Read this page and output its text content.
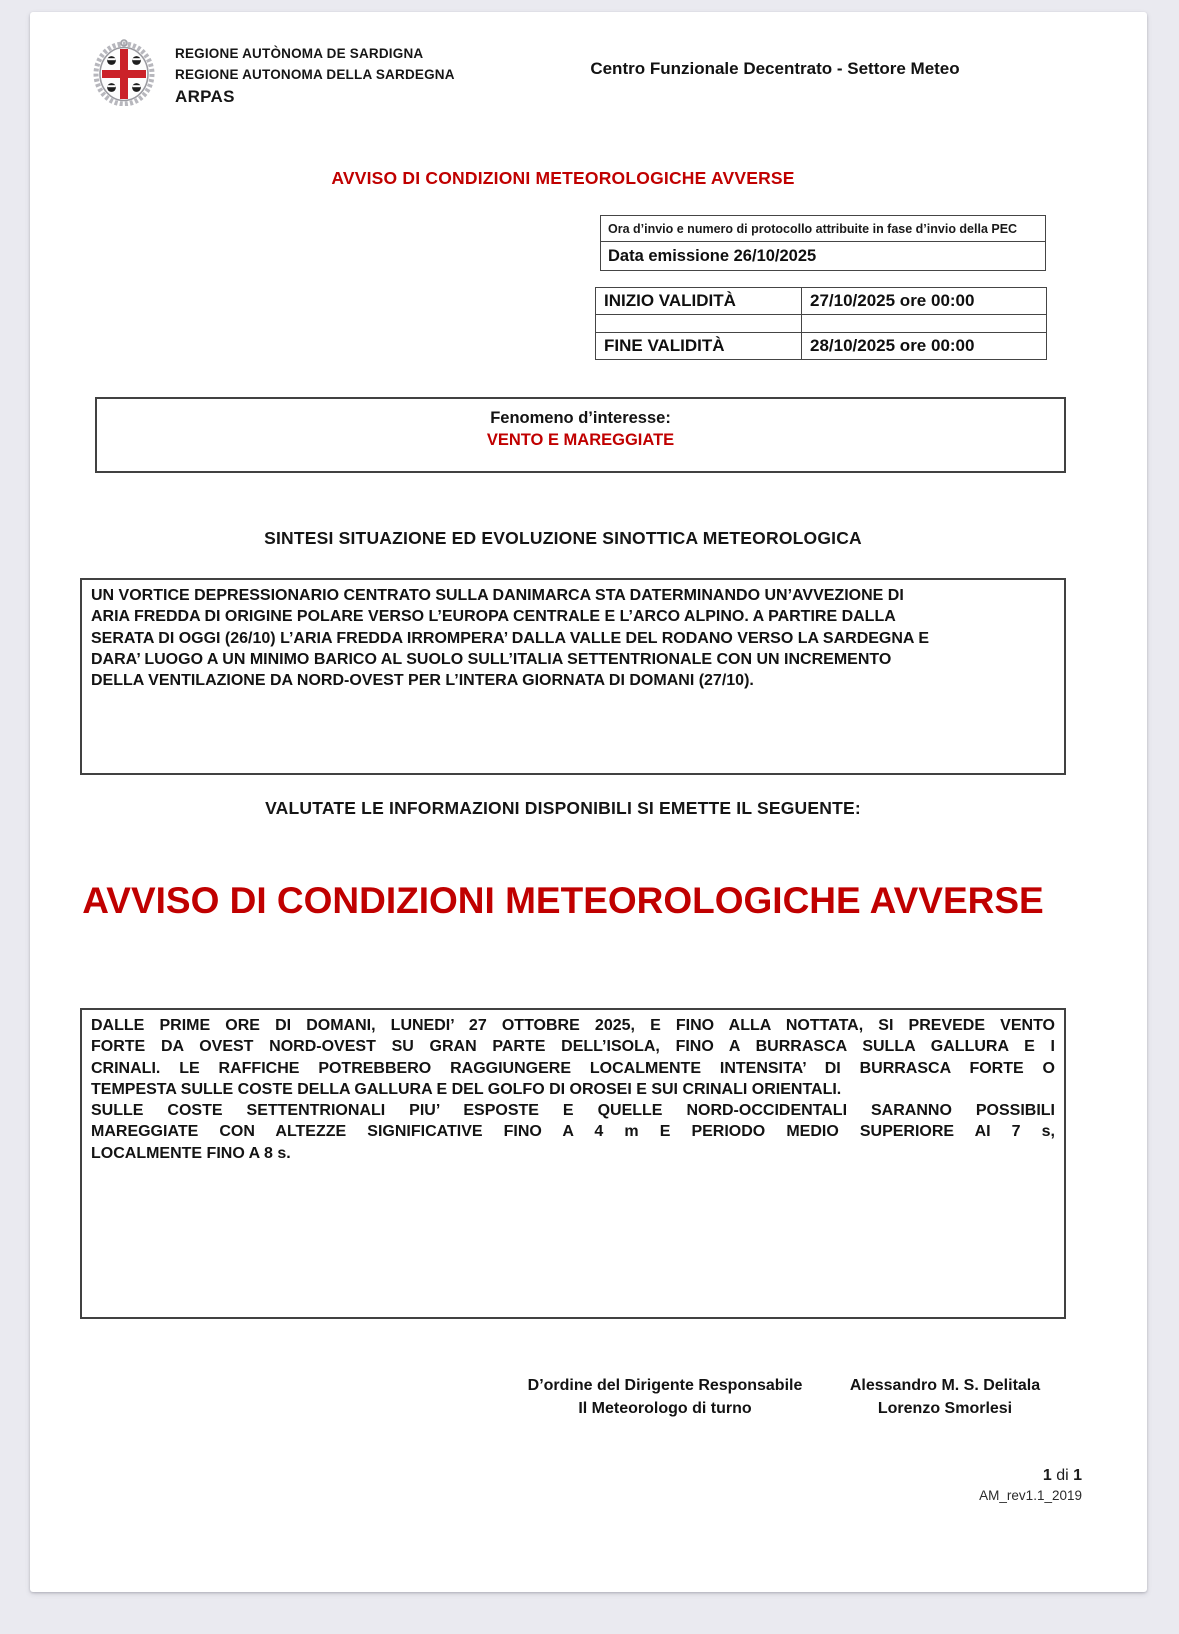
REGIONE AUTÒNOMA DE SARDIGNA
REGIONE AUTONOMA DELLA SARDEGNA
ARPAS
Centro Funzionale Decentrato - Settore Meteo
AVVISO DI CONDIZIONI METEOROLOGICHE AVVERSE
Ora d’invio e numero di protocollo attribuite in fase d’invio della PEC
Data emissione 26/10/2025
INIZIO VALIDITÀ	27/10/2025 ore 00:00

FINE VALIDITÀ	28/10/2025 ore 00:00
Fenomeno d’interesse:
VENTO E MAREGGIATE
SINTESI SITUAZIONE ED EVOLUZIONE SINOTTICA METEOROLOGICA
UN VORTICE DEPRESSIONARIO CENTRATO SULLA DANIMARCA STA DATERMINANDO UN’AVVEZIONE DI
ARIA FREDDA DI ORIGINE POLARE VERSO L’EUROPA CENTRALE E L’ARCO ALPINO. A PARTIRE DALLA
SERATA DI OGGI (26/10) L’ARIA FREDDA IRROMPERA’ DALLA VALLE DEL RODANO VERSO LA SARDEGNA E
DARA’ LUOGO A UN MINIMO BARICO AL SUOLO SULL’ITALIA SETTENTRIONALE CON UN INCREMENTO
DELLA VENTILAZIONE DA NORD-OVEST PER L’INTERA GIORNATA DI DOMANI (27/10).
VALUTATE LE INFORMAZIONI DISPONIBILI SI EMETTE IL SEGUENTE:
AVVISO DI CONDIZIONI METEOROLOGICHE AVVERSE
DALLE PRIME ORE DI DOMANI, LUNEDI’ 27 OTTOBRE 2025, E FINO ALLA NOTTATA, SI PREVEDE VENTO
FORTE DA OVEST NORD-OVEST SU GRAN PARTE DELL’ISOLA, FINO A BURRASCA SULLA GALLURA E I
CRINALI. LE RAFFICHE POTREBBERO RAGGIUNGERE LOCALMENTE INTENSITA’ DI BURRASCA FORTE O
TEMPESTA SULLE COSTE DELLA GALLURA E DEL GOLFO DI OROSEI E SUI CRINALI ORIENTALI.
SULLE COSTE SETTENTRIONALI PIU’ ESPOSTE E QUELLE NORD-OCCIDENTALI SARANNO POSSIBILI
MAREGGIATE CON ALTEZZE SIGNIFICATIVE FINO A 4 m E PERIODO MEDIO SUPERIORE AI 7 s,
LOCALMENTE FINO A 8 s.
D’ordine del Dirigente Responsabile
Il Meteorologo di turno
Alessandro M. S. Delitala
Lorenzo Smorlesi
1 di 1
AM_rev1.1_2019
